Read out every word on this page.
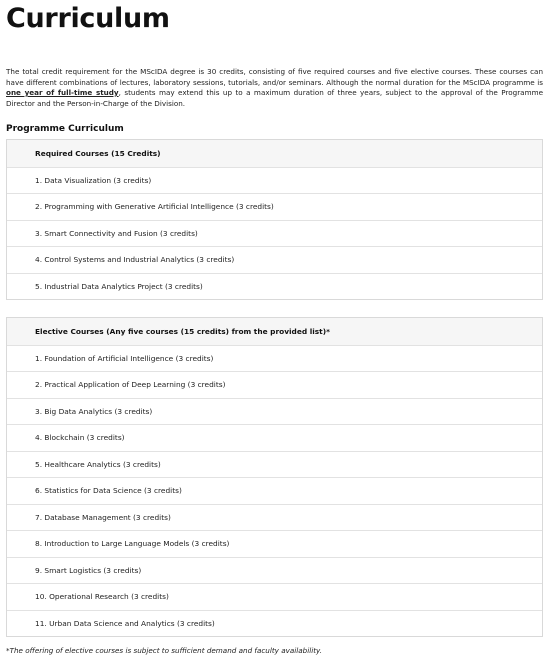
Curriculum

The total credit requirement for the MScIDA degree is 30 credits, consisting of five required courses and five elective courses. These courses can have different combinations of lectures, laboratory sessions, tutorials, and/or seminars. Although the normal duration for the MScIDA programme is one year of full-time study, students may extend this up to a maximum duration of three years, subject to the approval of the Programme Director and the Person-in-Charge of the Division.

Programme Curriculum
Required Courses (15 Credits)
1. Data Visualization (3 credits)
2. Programming with Generative Artificial Intelligence (3 credits)
3. Smart Connectivity and Fusion (3 credits)
4. Control Systems and Industrial Analytics (3 credits)
5. Industrial Data Analytics Project (3 credits)
Elective Courses (Any five courses (15 credits) from the provided list)*
1. Foundation of Artificial Intelligence (3 credits)
2. Practical Application of Deep Learning (3 credits)
3. Big Data Analytics (3 credits)
4. Blockchain (3 credits)
5. Healthcare Analytics (3 credits)
6. Statistics for Data Science (3 credits)
7. Database Management (3 credits)
8. Introduction to Large Language Models (3 credits)
9. Smart Logistics (3 credits)
10. Operational Research (3 credits)
11. Urban Data Science and Analytics (3 credits)

*The offering of elective courses is subject to sufficient demand and faculty availability.
